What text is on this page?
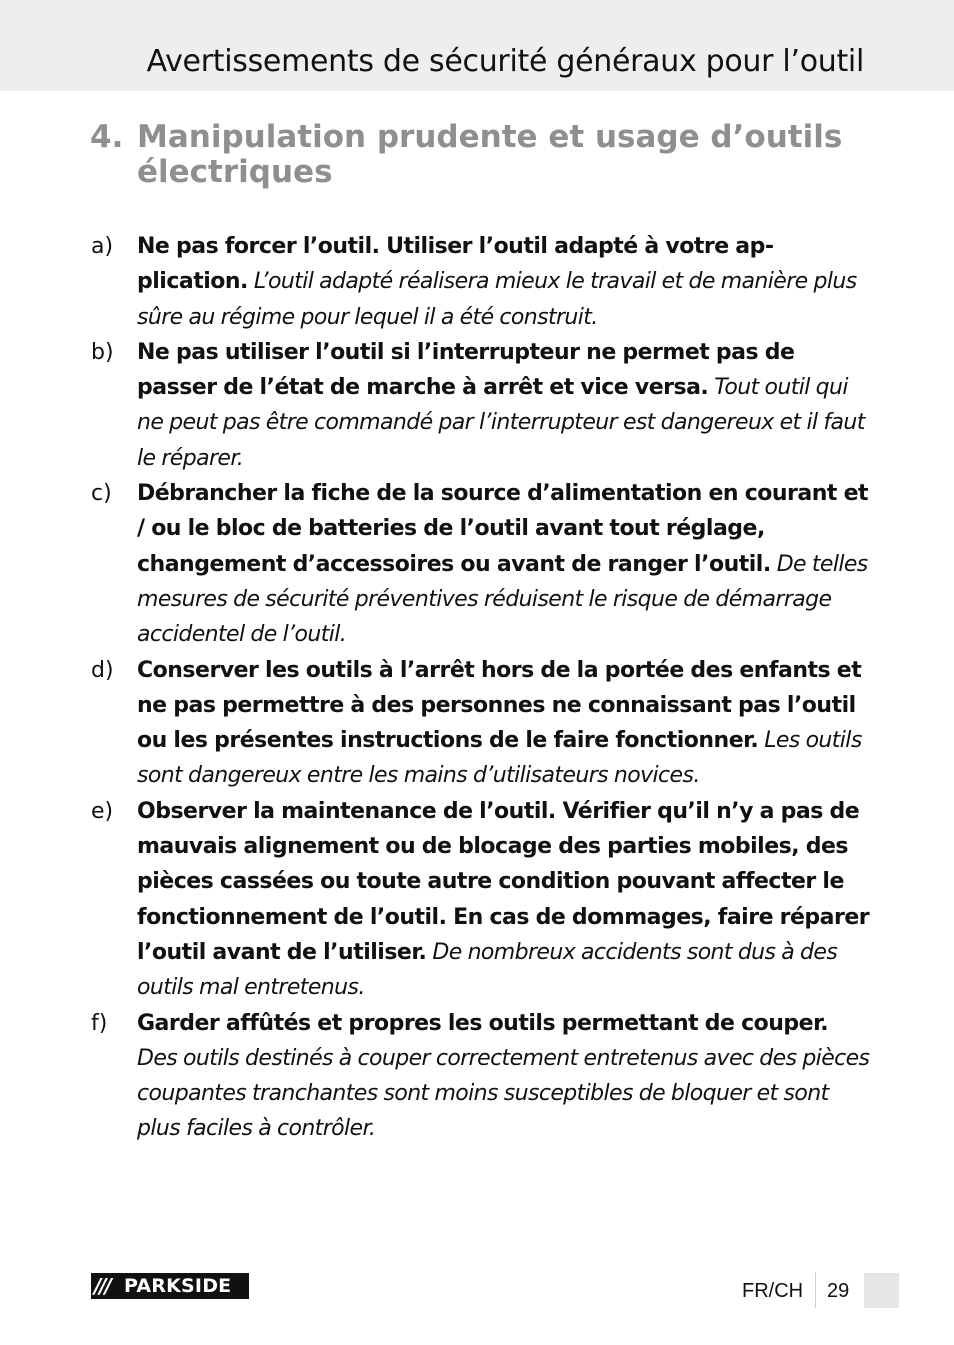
Avertissements de sécurité généraux pour l’outil
4. Manipulation prudente et usage d’outils électriques
a) Ne pas forcer l’outil. Utiliser l’outil adapté à votre application. L’outil adapté réalisera mieux le travail et de manière plus sûre au régime pour lequel il a été construit.

b) Ne pas utiliser l’outil si l’interrupteur ne permet pas de passer de l’état de marche à arrêt et vice versa. Tout outil qui ne peut pas être commandé par l’interrupteur est dangereux et il faut le réparer.

c) Débrancher la fiche de la source d’alimentation en courant et / ou le bloc de batteries de l’outil avant tout réglage, changement d’accessoires ou avant de ranger l’outil. De telles mesures de sécurité préventives réduisent le risque de démarrage accidentel de l’outil.

d) Conserver les outils à l’arrêt hors de la portée des enfants et ne pas permettre à des personnes ne connaissant pas l’outil ou les présentes instructions de le faire fonctionner. Les outils sont dangereux entre les mains d’utilisateurs novices.

e) Observer la maintenance de l’outil. Vérifier qu’il n’y a pas de mauvais alignement ou de blocage des parties mobiles, des pièces cassées ou toute autre condition pouvant affecter le fonctionnement de l’outil. En cas de dommages, faire réparer l’outil avant de l’utiliser. De nombreux accidents sont dus à des outils mal entretenus.

f) Garder affûtés et propres les outils permettant de couper. Des outils destinés à couper correctement entretenus avec des pièces coupantes tranchantes sont moins susceptibles de bloquer et sont plus faciles à contrôler.

/// PARKSIDE	FR/CH 29
